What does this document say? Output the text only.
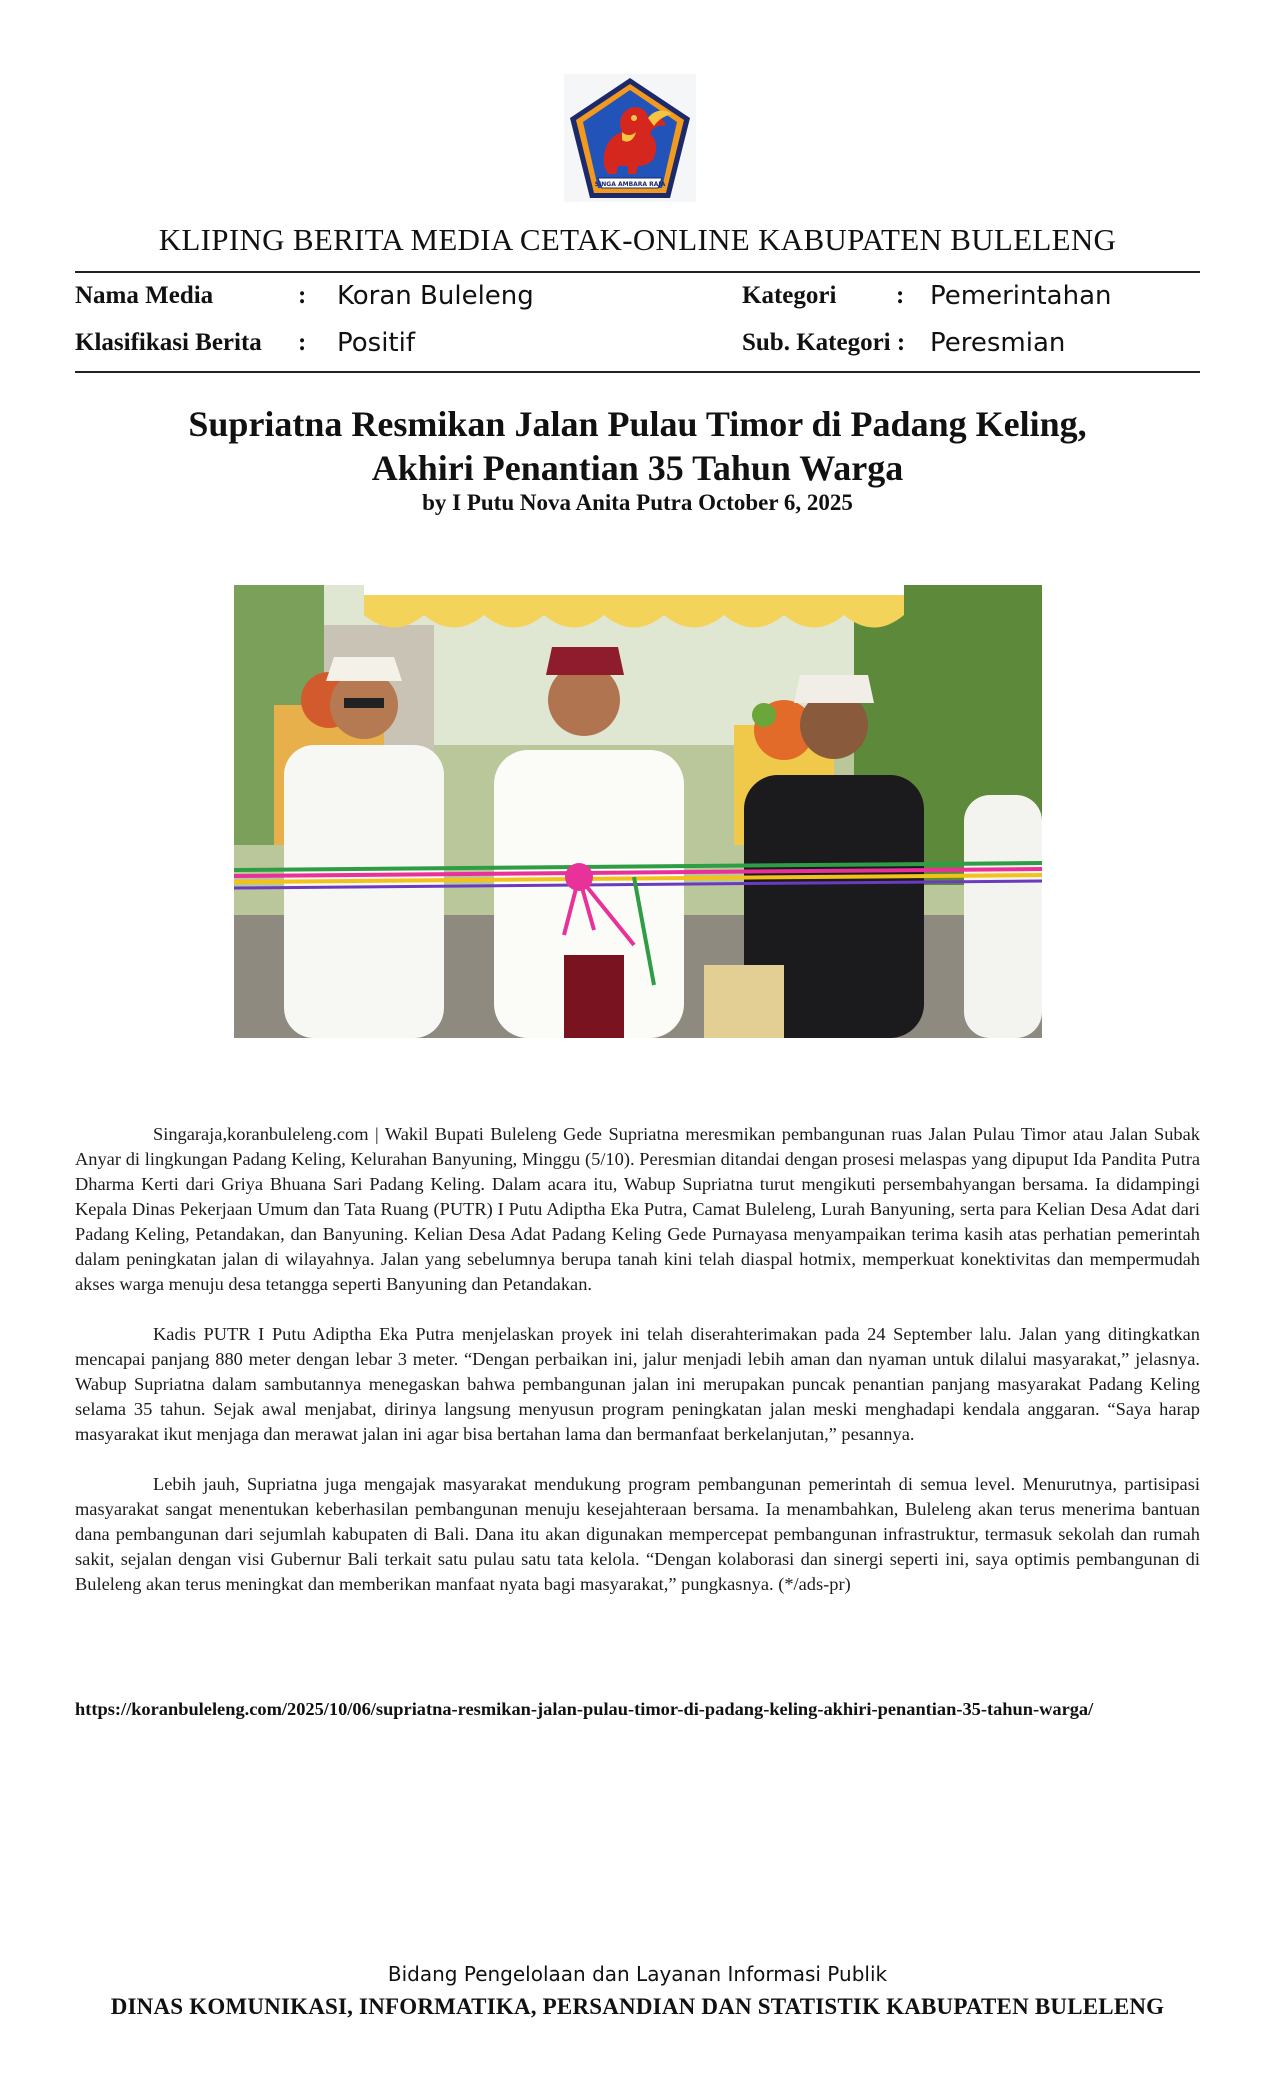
SINGA AMBARA RAJA
KLIPING BERITA MEDIA CETAK-ONLINE KABUPATEN BULELENG
Nama Media	: Koran Buleleng
Klasifikasi Berita : Positif
Kategori : Pemerintahan
Sub. Kategori : Peresmian
Supriatna Resmikan Jalan Pulau Timor di Padang Keling,
Akhiri Penantian 35 Tahun Warga
by I Putu Nova Anita Putra October 6, 2025

Singaraja,koranbuleleng.com | Wakil Bupati Buleleng Gede Supriatna meresmikan pembangunan ruas Jalan Pulau Timor atau Jalan Subak Anyar di lingkungan Padang Keling, Kelurahan Banyuning, Minggu (5/10). Peresmian ditandai dengan prosesi melaspas yang dipuput Ida Pandita Putra Dharma Kerti dari Griya Bhuana Sari Padang Keling. Dalam acara itu, Wabup Supriatna turut mengikuti persembahyangan bersama. Ia didampingi Kepala Dinas Pekerjaan Umum dan Tata Ruang (PUTR) I Putu Adiptha Eka Putra, Camat Buleleng, Lurah Banyuning, serta para Kelian Desa Adat dari Padang Keling, Petandakan, dan Banyuning. Kelian Desa Adat Padang Keling Gede Purnayasa menyampaikan terima kasih atas perhatian pemerintah dalam peningkatan jalan di wilayahnya. Jalan yang sebelumnya berupa tanah kini telah diaspal hotmix, memperkuat konektivitas dan mempermudah akses warga menuju desa tetangga seperti Banyuning dan Petandakan.

Kadis PUTR I Putu Adiptha Eka Putra menjelaskan proyek ini telah diserahterimakan pada 24 September lalu. Jalan yang ditingkatkan mencapai panjang 880 meter dengan lebar 3 meter. “Dengan perbaikan ini, jalur menjadi lebih aman dan nyaman untuk dilalui masyarakat,” jelasnya. Wabup Supriatna dalam sambutannya menegaskan bahwa pembangunan jalan ini merupakan puncak penantian panjang masyarakat Padang Keling selama 35 tahun. Sejak awal menjabat, dirinya langsung menyusun program peningkatan jalan meski menghadapi kendala anggaran. “Saya harap masyarakat ikut menjaga dan merawat jalan ini agar bisa bertahan lama dan bermanfaat berkelanjutan,” pesannya.

Lebih jauh, Supriatna juga mengajak masyarakat mendukung program pembangunan pemerintah di semua level. Menurutnya, partisipasi masyarakat sangat menentukan keberhasilan pembangunan menuju kesejahteraan bersama. Ia menambahkan, Buleleng akan terus menerima bantuan dana pembangunan dari sejumlah kabupaten di Bali. Dana itu akan digunakan mempercepat pembangunan infrastruktur, termasuk sekolah dan rumah sakit, sejalan dengan visi Gubernur Bali terkait satu pulau satu tata kelola. “Dengan kolaborasi dan sinergi seperti ini, saya optimis pembangunan di Buleleng akan terus meningkat dan memberikan manfaat nyata bagi masyarakat,” pungkasnya. (*/ads-pr)

https://koranbuleleng.com/2025/10/06/supriatna-resmikan-jalan-pulau-timor-di-padang-keling-akhiri-penantian-35-tahun-warga/
Bidang Pengelolaan dan Layanan Informasi Publik
DINAS KOMUNIKASI, INFORMATIKA, PERSANDIAN DAN STATISTIK KABUPATEN BULELENG
